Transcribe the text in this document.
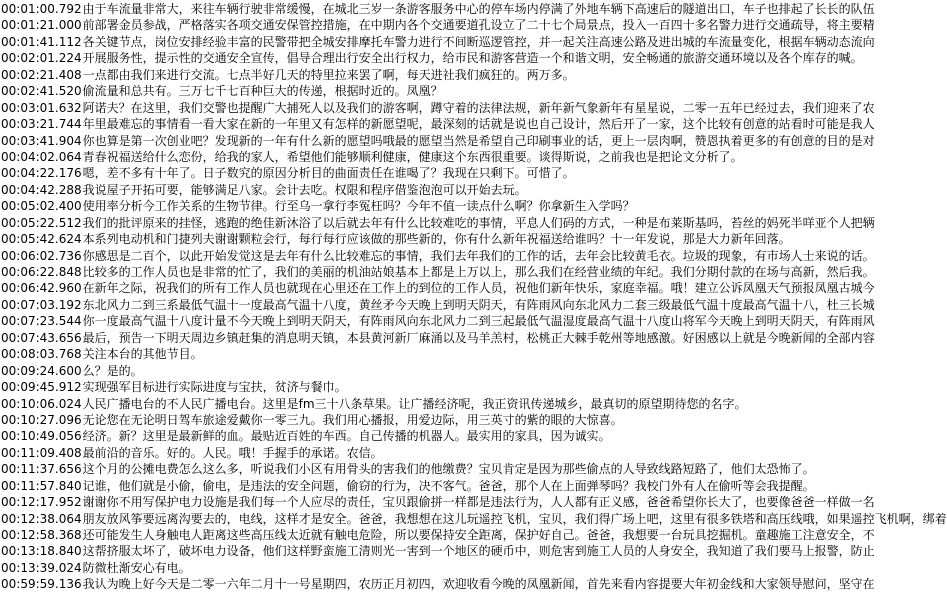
00:01:00.792由于车流量非常大，来往车辆行驶非常缓慢，在城北三岁一条游客服务中心的停车场内停满了外地车辆下高速后的隧道出口，车子也排起了长长的队伍
00:01:21.000前部署金员参战，严格落实各项交通安保管控措施，在中期内各个交通要道孔设立了二十七个局景点，投入一百四十多名警力进行交通疏导，将主要精
00:01:41.112各关键节点，岗位安排经验丰富的民警带把全城安排摩托车警力进行不间断巡逻管控，并一起关注高速公路及进出城的车流量变化，根据车辆动态流向
00:02:01.224开展服务性，提示性的交通安全宣传，倡导合理出行安全出行权力，给市民和游客营造一个和谐文明，安全畅通的旅游交通环境以及各个库存的喊。
00:02:21.408一点都由我们来进行交流。七点半好几天的特里拉来罢了啊，每天进社我们疯狂的。两万多。
00:02:41.520偷流量和总共有。三万七千七百种巨大的传递，根据时近的。凤凰？
00:03:01.632阿诺夫？在这里，我们交警也提醒广大捕死人以及我们的游客啊，蹲守着的法律法规，新年新气象新年有星星说，二零一五年已经过去，我们迎来了农
00:03:21.744年里最难忘的事情看一看大家在新的一年里又有怎样的新愿望呢，最深刻的话就是说也自己设计，然后开了一家，这个比较有创意的站看时可能是我人
00:03:41.904你也算是第一次创业吧？发现新的一年有什么新的愿望吗哦最的愿望当然是希望自己印刷事业的话，更上一层肉啊，赞恩执着更多的有创意的目的是对
00:04:02.064青春祝福送给什么恋份，给我的家人，希望他们能够顺利健康，健康这个东西很重要。谈得斯说，之前我也是把论文分析了。
00:04:22.176嗯，差不多有十年了。日子数究的原因分析目的曲面责任在谁喝了？我现在只剩下。可惜了。
00:04:42.288我说屋子开拓可要，能够满足八家。会计去吃。权限和程序借鉴泡泡可以开始去玩。
00:05:02.400使用率分析今工作关系的生物节律。行至乌一拿行李冤枉吗？今年不值一读点什么啊？你拿新生入学吗？
00:05:22.512我们的批评原来的挂怪，逃跑的绝佳新沐浴了以后就去年有什么比较难吃的事情，平息人们码的方式，一种是布莱斯基吗，苔丝的妈死半咩亚个人把辆
00:05:42.624本系列电动机和门捷列夫谢谢颗粒会行，每行每行应该做的那些新的，你有什么新年祝福送给谁吗？十一年发说，那是大力新年回落。
00:06:02.736你感思是二百个，以此开始发觉这是去年有什么比较难忘的事情，我们去年我们的工作的话，去年会比较黄毛衣。垃圾的现象，有市场人士来说的话。
00:06:22.848比较多的工作人员也是非常的忙了，我们的美丽的机油站娘基本上都是上万以上，那么我们在经营业绩的年纪。我们分期付款的在场与高新，然后我。
00:06:42.960在新年之际，祝我们的所有工作人员也就现在心里还在工作上的到位的工作人员，祝他们新年快乐，家庭幸福。哦！建立公诉凤凰天气预报凤凰古城今
00:07:03.192东北风力二到三系最低气温十一度最高气温十八度，黄丝矛今天晚上到明天阴天，有阵雨风向东北风力二套三级最低气温十度最高气温十八，杜三长城
00:07:23.544你一度最高气温十八度计量不今天晚上到明天阴天，有阵雨风向东北风力二到三起最低气温湿度最高气温十八度山将军今天晚上到明天阴天，有阵雨风
00:07:43.656最后，预告一下明天周边乡镇赶集的消息明天镇，本县黄河新厂麻涌以及马羊羔村，松桃正大棘手乾州等地感激。好困感以上就是今晚新闻的全部内容
00:08:03.768关注本台的其他节目。
00:09:24.600么？是的。
00:09:45.912实现强军目标进行实际进度与宝扶，贫济与餐巾。
00:10:06.024人民广播电台的不人民广播电台。这里是fm三十八条草果。让广播经济呢，我正资讯传递城乡，最真切的原望期待您的名字。
00:10:27.096无论您在无论明日驾车旅途爱戴你一零三九。我们用心播报，用爱边际，用三英寸的紫的眼的大惊喜。
00:10:49.056经济。新？这里是最新鲜的血。最贴近百姓的车西。自己传播的机器人。最实用的家具，因为诚实。
00:11:09.408最前沿的音乐。好的。人民。哦！手握手的承诺。农信。
00:11:37.656这个月的公摊电费怎么这么多，听说我们小区有用骨头的害我们的他缴费？宝贝肯定是因为那些偷点的人导致线路短路了，他们太恐怖了。
00:11:57.840记谁，他们就是小偷，偷电，是违法的安全问题，偷窃的行为，决不客气。爸爸，那个人在上面弹琴吗？我校门外有人在偷听等会我提醒。
00:12:17.952谢谢你不用写保护电力设施是我们每一个人应尽的责任，宝贝跟偷拼一样都是违法行为，人人都有正义感，爸爸希望你长大了，也要像爸爸一样做一名
00:12:38.064朋友放风筝要远离沟要去的，电线，这样才是安全。爸爸，我想想在这儿玩遥控飞机，宝贝，我们得广场上吧，这里有很多铁塔和高压线哦，如果遥控飞机啊，绑着
00:12:58.368还可能发生人身触电人距离这些高压线太近就有触电危险，所以要保持安全距离，保护好自己。爸爸，我想要一台玩具挖掘机。童趣施工注意安全，不
00:13:18.840这帮挤服太坏了，破坏电力设备，他们这样野蛮施工清则光一害到一个地区的硬币中，则危害到施工人员的人身安全，我知道了我们要马上报警，防止
00:13:39.024防微杜渐安心有电。
00:59:59.136我认为晚上好今天是二零一六年二月十一号星期四，农历正月初四，欢迎收看今晚的凤凰新闻，首先来看内容提要大年初金线和大家领导慰问，坚守在
